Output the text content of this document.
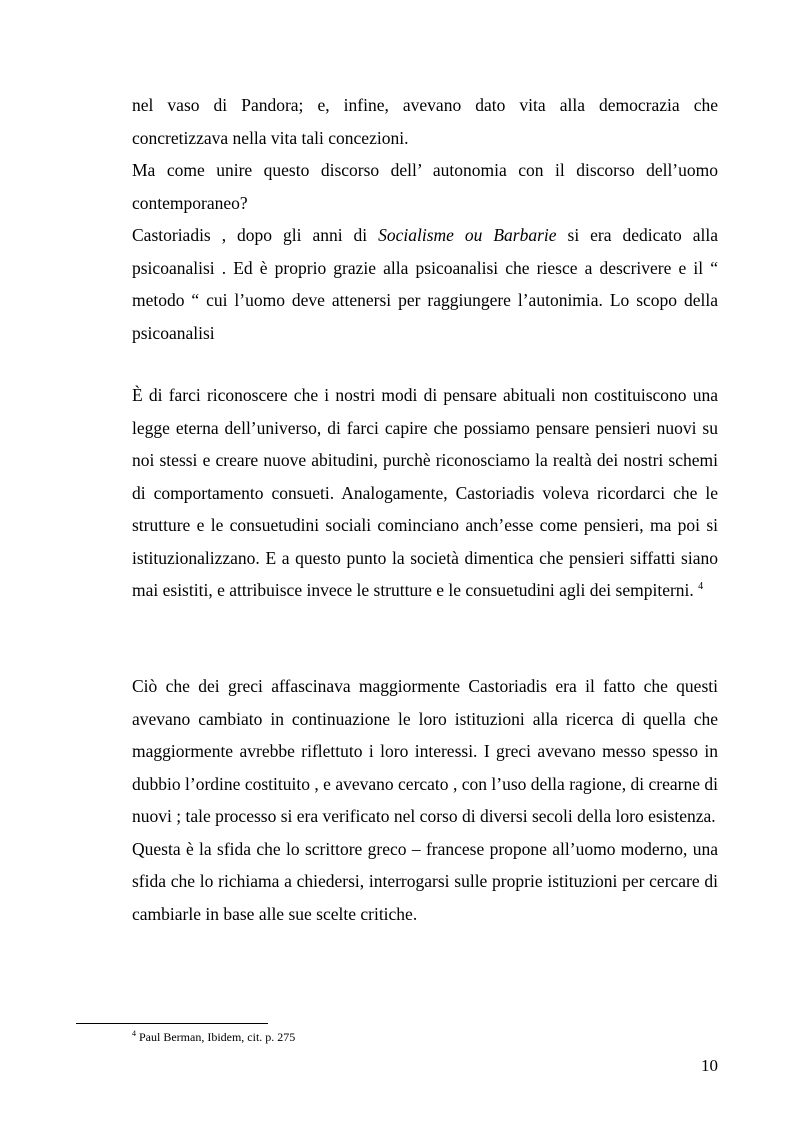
nel vaso di Pandora; e, infine, avevano dato vita alla democrazia che

concretizzava nella vita tali concezioni.

Ma come unire questo discorso dell’ autonomia con il discorso dell’uomo contemporaneo?

Castoriadis , dopo gli anni di Socialisme ou Barbarie si era dedicato alla psicoanalisi . Ed è proprio grazie alla psicoanalisi che riesce a descrivere e il “ metodo “ cui l’uomo deve attenersi per raggiungere l’autonimia. Lo scopo della psicoanalisi

È di farci riconoscere che i nostri modi di pensare abituali non costituiscono una legge eterna dell’universo, di farci capire che possiamo pensare pensieri nuovi su noi stessi e creare nuove abitudini, purchè riconosciamo la realtà dei nostri schemi di comportamento consueti. Analogamente, Castoriadis voleva ricordarci che le strutture e le consuetudini sociali cominciano anch’esse come pensieri, ma poi si istituzionalizzano. E a questo punto la società dimentica che pensieri siffatti siano mai esistiti, e attribuisce invece le strutture e le consuetudini agli dei sempiterni. $^4$

Ciò che dei greci affascinava maggiormente Castoriadis era il fatto che questi avevano cambiato in continuazione le loro istituzioni alla ricerca di quella che maggiormente avrebbe riflettuto i loro interessi. I greci avevano messo spesso in dubbio l’ordine costituito , e avevano cercato , con l’uso della ragione, di crearne di nuovi ; tale processo si era verificato nel corso di diversi secoli della loro esistenza.

Questa è la sfida che lo scrittore greco – francese propone all’uomo moderno, una sfida che lo richiama a chiedersi, interrogarsi sulle proprie istituzioni per cercare di cambiarle in base alle sue scelte critiche.

$^4$ Paul Berman, Ibidem, cit. p. 275
10
